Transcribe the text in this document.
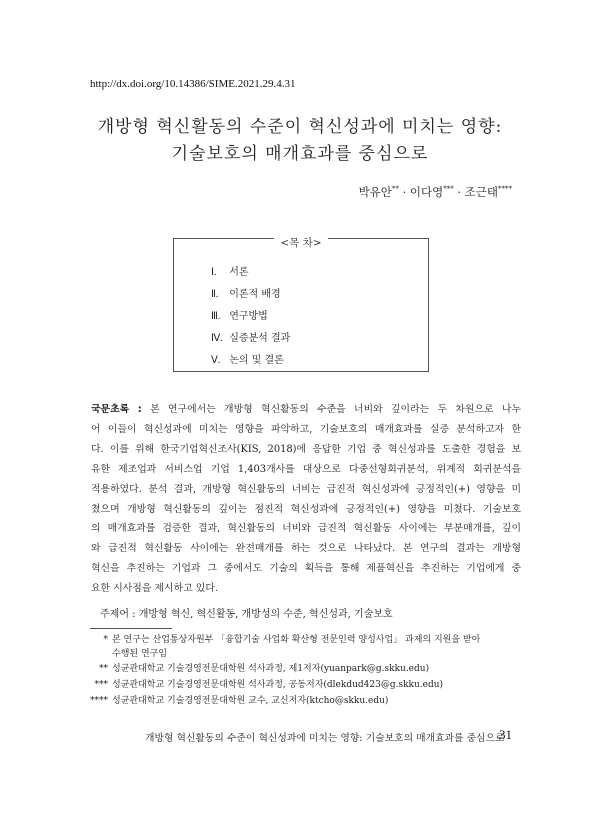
http://dx.doi.org/10.14386/SIME.2021.29.4.31
개방형 혁신활동의 수준이 혁신성과에 미치는 영향:
기술보호의 매개효과를 중심으로
박유안** · 이다영*** · 조근태****
<목 차>
Ⅰ. 서론
Ⅱ. 이론적 배경
Ⅲ. 연구방법
Ⅳ. 실증분석 결과
Ⅴ. 논의 및 결론
국문초록 : 본 연구에서는 개방형 혁신활동의 수준을 너비와 깊이라는 두 차원으로 나누
어 이들이 혁신성과에 미치는 영향을 파악하고, 기술보호의 매개효과를 실증 분석하고자 한
다. 이를 위해 한국기업혁신조사(KIS, 2018)에 응답한 기업 중 혁신성과를 도출한 경험을 보
유한 제조업과 서비스업 기업 1,403개사를 대상으로 다중선형회귀분석, 위계적 회귀분석을
적용하였다. 분석 결과, 개방형 혁신활동의 너비는 급진적 혁신성과에 긍정적인(+) 영향을 미
쳤으며 개방형 혁신활동의 깊이는 점진적 혁신성과에 긍정적인(+) 영향을 미쳤다. 기술보호
의 매개효과를 검증한 결과, 혁신활동의 너비와 급진적 혁신활동 사이에는 부분매개를, 깊이
와 급진적 혁신활동 사이에는 완전매개를 하는 것으로 나타났다. 본 연구의 결과는 개방형
혁신을 추진하는 기업과 그 중에서도 기술의 획득을 통해 제품혁신을 추진하는 기업에게 중
요한 시사점을 제시하고 있다.
주제어 : 개방형 혁신, 혁신활동, 개방성의 수준, 혁신성과, 기술보호
* 본 연구는 산업통상자원부 「융합기술 사업화 확산형 전문인력 양성사업」 과제의 지원을 받아
수행된 연구임
** 성균관대학교 기술경영전문대학원 석사과정, 제1저자(yuanpark@g.skku.edu)
*** 성균관대학교 기술경영전문대학원 석사과정, 공동저자(dlekdud423@g.skku.edu)
**** 성균관대학교 기술경영전문대학원 교수, 교신저자(ktcho@skku.edu)
개방형 혁신활동의 수준이 혁신성과에 미치는 영향: 기술보호의 매개효과를 중심으로
31
